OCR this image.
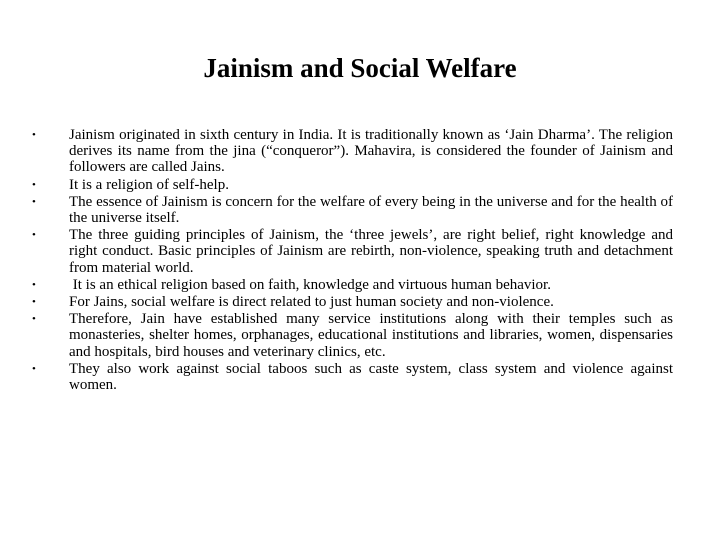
Jainism and Social Welfare
•	Jainism originated in sixth century in India. It is traditionally known as ‘Jain Dharma’. The religion derives its name from the jina (“conqueror”). Mahavira, is considered the founder of Jainism and followers are called Jains.
•	It is a religion of self-help.
•	The essence of Jainism is concern for the welfare of every being in the universe and for the health of the universe itself.
•	The three guiding principles of Jainism, the ‘three jewels’, are right belief, right knowledge and right conduct. Basic principles of Jainism are rebirth, non-violence, speaking truth and detachment from material world.
•	It is an ethical religion based on faith, knowledge and virtuous human behavior.
•	For Jains, social welfare is direct related to just human society and non-violence.
•	Therefore, Jain have established many service institutions along with their temples such as monasteries, shelter homes, orphanages, educational institutions and libraries, women, dispensaries and hospitals, bird houses and veterinary clinics, etc.
•	They also work against social taboos such as caste system, class system and violence against women.
